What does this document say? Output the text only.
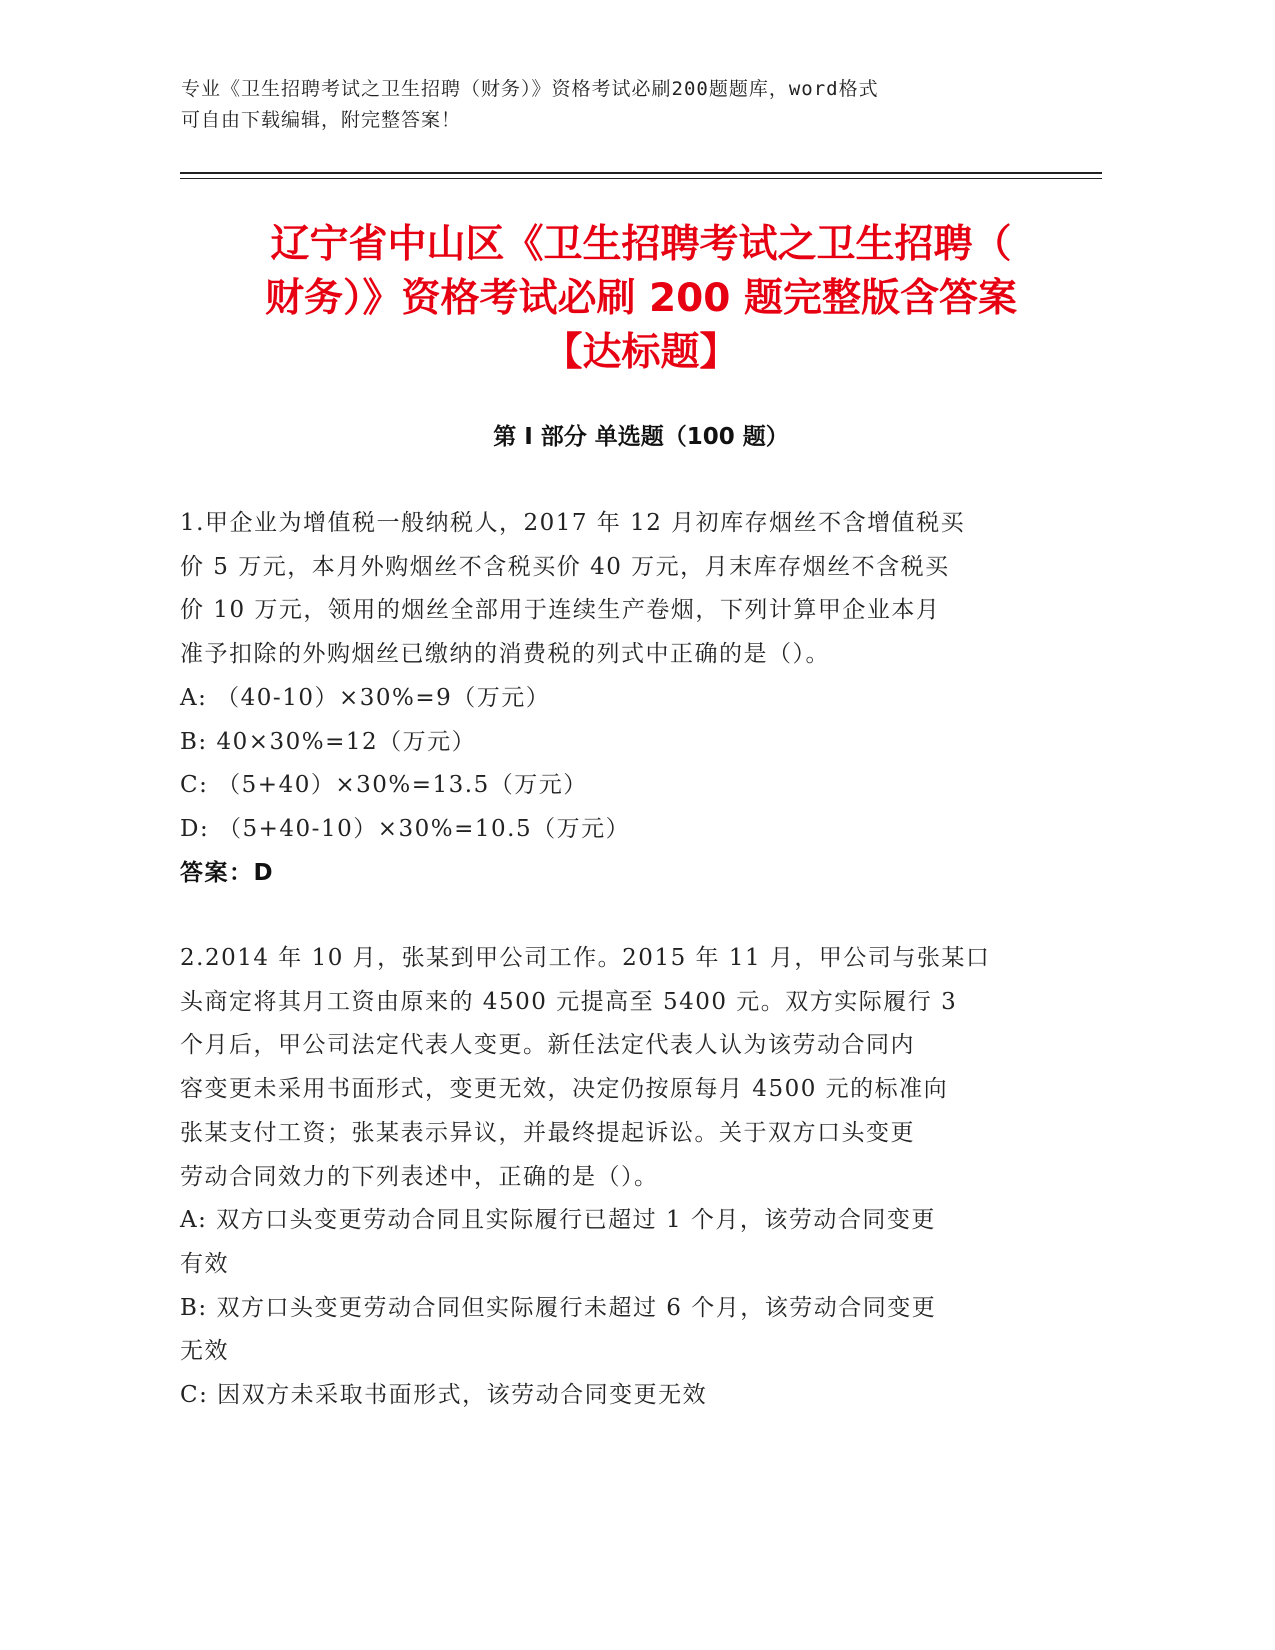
专业《卫生招聘考试之卫生招聘（财务）》资格考试必刷200题题库，word格式
可自由下载编辑，附完整答案！
辽宁省中山区《卫生招聘考试之卫生招聘（
财务）》资格考试必刷 200 题完整版含答案
【达标题】
第 I 部分 单选题（100 题）
1.甲企业为增值税一般纳税人，2017 年 12 月初库存烟丝不含增值税买
价 5 万元，本月外购烟丝不含税买价 40 万元，月末库存烟丝不含税买
价 10 万元，领用的烟丝全部用于连续生产卷烟，下列计算甲企业本月
准予扣除的外购烟丝已缴纳的消费税的列式中正确的是（）。
A: （40-10）×30%=9（万元）
B: 40×30%=12（万元）
C: （5+40）×30%=13.5（万元）
D: （5+40-10）×30%=10.5（万元）
答案：D
2.2014 年 10 月，张某到甲公司工作。2015 年 11 月，甲公司与张某口
头商定将其月工资由原来的 4500 元提高至 5400 元。双方实际履行 3
个月后，甲公司法定代表人变更。新任法定代表人认为该劳动合同内
容变更未采用书面形式，变更无效，决定仍按原每月 4500 元的标准向
张某支付工资；张某表示异议，并最终提起诉讼。关于双方口头变更
劳动合同效力的下列表述中，正确的是（）。
A: 双方口头变更劳动合同且实际履行已超过 1 个月，该劳动合同变更
有效
B: 双方口头变更劳动合同但实际履行未超过 6 个月，该劳动合同变更
无效
C: 因双方未采取书面形式，该劳动合同变更无效
